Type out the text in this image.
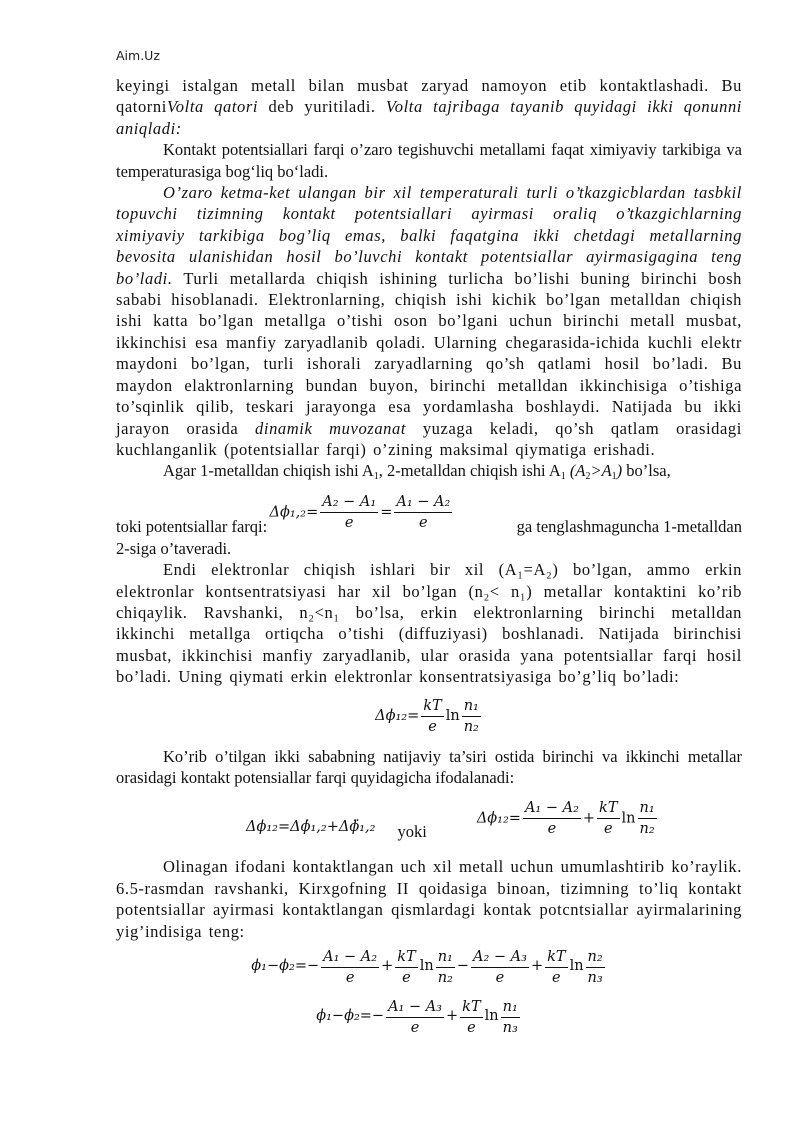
Aim.Uz

keyingi istalgan metall bilan musbat zaryad namoyon etib kontaktlashadi. Bu qatorniVolta qatori deb yuritiladi. Volta tajribaga tayanib quyidagi ikki qonunni aniqladi:

Kontakt potentsiallari farqi o’zaro tegishuvchi metallami faqat ximiyaviy tarkibiga va temperaturasiga bog‘liq bo‘ladi.

O’zaro ketma-ket ulangan bir xil temperaturali turli o’tkazgicblardan tasbkil topuvchi tizimning kontakt potentsiallari ayirmasi oraliq o’tkazgichlarning ximiyaviy tarkibiga bog’liq emas, balki faqatgina ikki chetdagi metallarning bevosita ulanishidan hosil bo’luvchi kontakt potentsiallar ayirmasigagina teng bo’ladi. Turli metallarda chiqish ishining turlicha bo’lishi buning birinchi bosh sababi hisoblanadi. Elektronlarning, chiqish ishi kichik bo’lgan metalldan chiqish ishi katta bo’lgan metallga o’tishi oson bo’lgani uchun birinchi metall musbat, ikkinchisi esa manfiy zaryadlanib qoladi. Ularning chegarasida-ichida kuchli elektr maydoni bo’lgan, turli ishorali zaryadlarning qo’sh qatlami hosil bo’ladi. Bu maydon elaktronlarning bundan buyon, birinchi metalldan ikkinchisiga o’tishiga to’sqinlik qilib, teskari jarayonga esa yordamlasha boshlaydi. Natijada bu ikki jarayon orasida dinamik muvozanat yuzaga keladi, qo’sh qatlam orasidagi kuchlanganlik (potentsiallar farqi) o’zining maksimal qiymatiga erishadi.

Agar 1-metalldan chiqish ishi $A_1$, 2-metalldan chiqish ishi $A_1$ $(A_2>A_1)$ bo’lsa,

toki potentsiallar farqi:
$\Delta\phi_1,_2= \frac{\text{A₂ − A₁}}{e} = \frac{\text{A₁ − A₂}}{e}$	ga tenglashmaguncha 1-metalldan

2-siga o’taveradi.

Endi elektronlar chiqish ishlari bir xil (A₁=A₂) bo’lgan, ammo erkin elektronlar kontsentratsiyasi har xil bo’lgan (n₂< n₁) metallar kontaktini ko’rib chiqaylik. Ravshanki, n₂<n₁ bo’lsa, erkin elektronlarning birinchi metalldan ikkinchi metallga ortiqcha o’tishi (diffuziyasi) boshlanadi. Natijada birinchisi musbat, ikkinchisi manfiy zaryadlanib, ular orasida yana potentsiallar farqi hosil bo’ladi. Uning qiymati erkin elektronlar konsentratsiyasiga bo’g’liq bo’ladi:

$\Delta\phi_{12}= \frac{kT}{e}$ $\ln \frac{\text{n₁}}{\text{n₂}}$

Ko’rib o’tilgan ikki sababning natijaviy ta’siri ostida birinchi va ikkinchi metallar orasidagi kontakt potensiallar farqi quyidagicha ifodalanadi:

Δϕ₁₂=Δϕ̇₁,₂+Δϕ̈₁,₂ yoki
$\Delta\phi_{12}= \frac{\text{A₁ − A₂}}{e} + \frac{kT}{e}$ $\ln \frac{\text{n₁}}{\text{n₂}}$

Olinagan ifodani kontaktlangan uch xil metall uchun umumlashtirib ko’raylik. 6.5-rasmdan ravshanki, Kirxgofning II qoidasiga binoan, tizimning to’liq kontakt potentsiallar ayirmasi kontaktlangan qismlardagi kontak potcntsiallar ayirmalarining yig’indisiga teng:

$\phi_1-\phi_2=- \frac{\text{A₁ − A₂}}{e} + \frac{kT}{e}$ $\ln \frac{\text{n₁}}{\text{n₂}} - \frac{\text{A₂ − A₃}}{e} + \frac{kT}{e}$ $\ln \frac{\text{n₂}}{\text{n₃}}$
$\phi_1-\phi_2=- \frac{\text{A₁ − A₃}}{e} + \frac{kT}{e}$ $\ln \frac{\text{n₁}}{\text{n₃}}$
